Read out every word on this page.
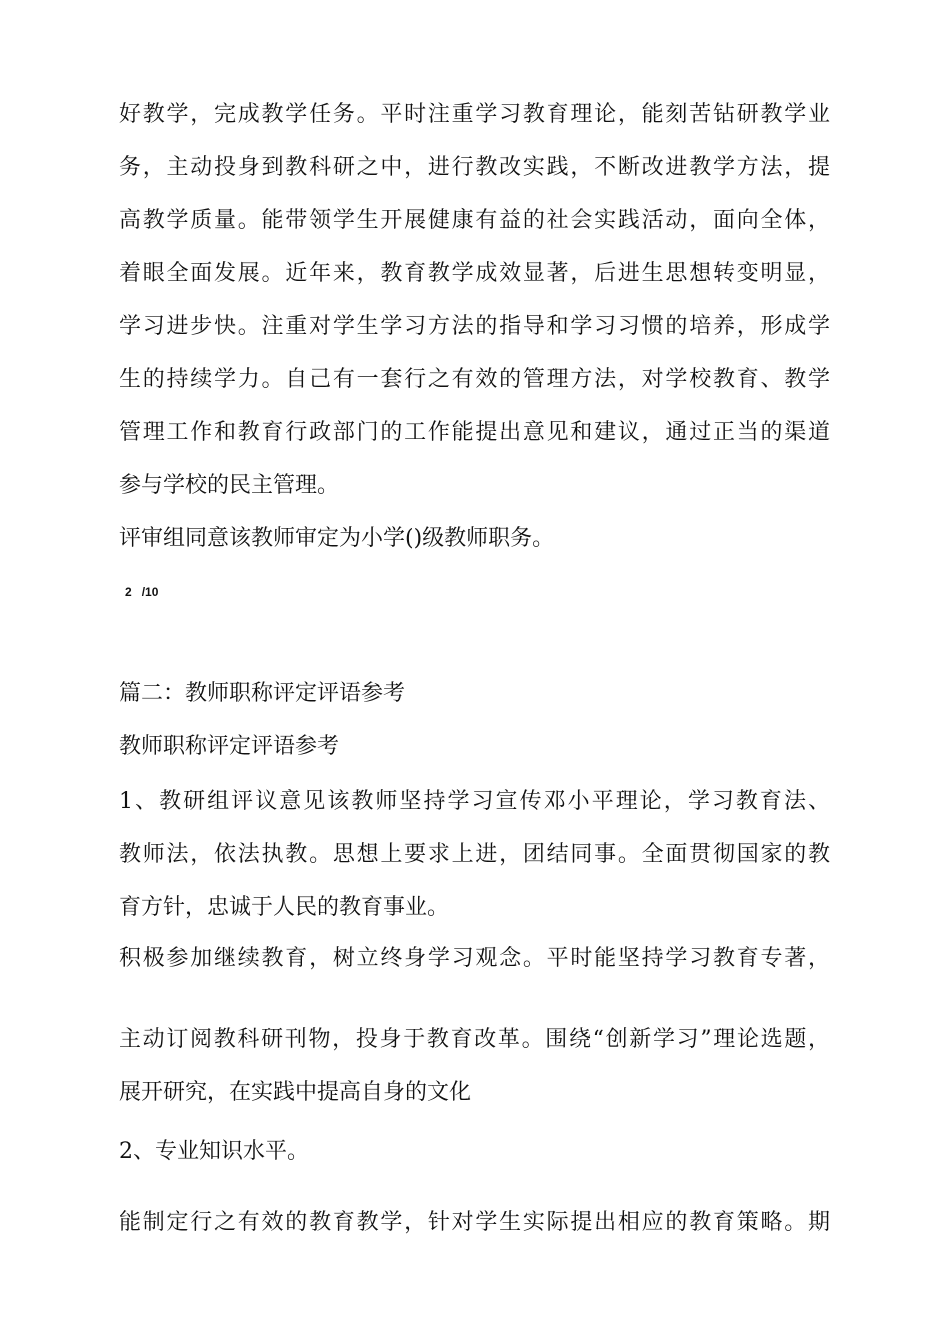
好教学，完成教学任务。平时注重学习教育理论，能刻苦钻研教学业
务，主动投身到教科研之中，进行教改实践，不断改进教学方法，提
高教学质量。能带领学生开展健康有益的社会实践活动，面向全体，
着眼全面发展。近年来，教育教学成效显著，后进生思想转变明显，
学习进步快。注重对学生学习方法的指导和学习习惯的培养，形成学
生的持续学力。自己有一套行之有效的管理方法，对学校教育、教学
管理工作和教育行政部门的工作能提出意见和建议，通过正当的渠道
参与学校的民主管理。
评审组同意该教师审定为小学()级教师职务。
2 /10
篇二：教师职称评定评语参考
教师职称评定评语参考
1、教研组评议意见该教师坚持学习宣传邓小平理论，学习教育法、
教师法，依法执教。思想上要求上进，团结同事。全面贯彻国家的教
育方针，忠诚于人民的教育事业。
积极参加继续教育，树立终身学习观念。平时能坚持学习教育专著，
主动订阅教科研刊物，投身于教育改革。围绕“创新学习”理论选题，
展开研究，在实践中提高自身的文化
2、专业知识水平。
能制定行之有效的教育教学，针对学生实际提出相应的教育策略。期
